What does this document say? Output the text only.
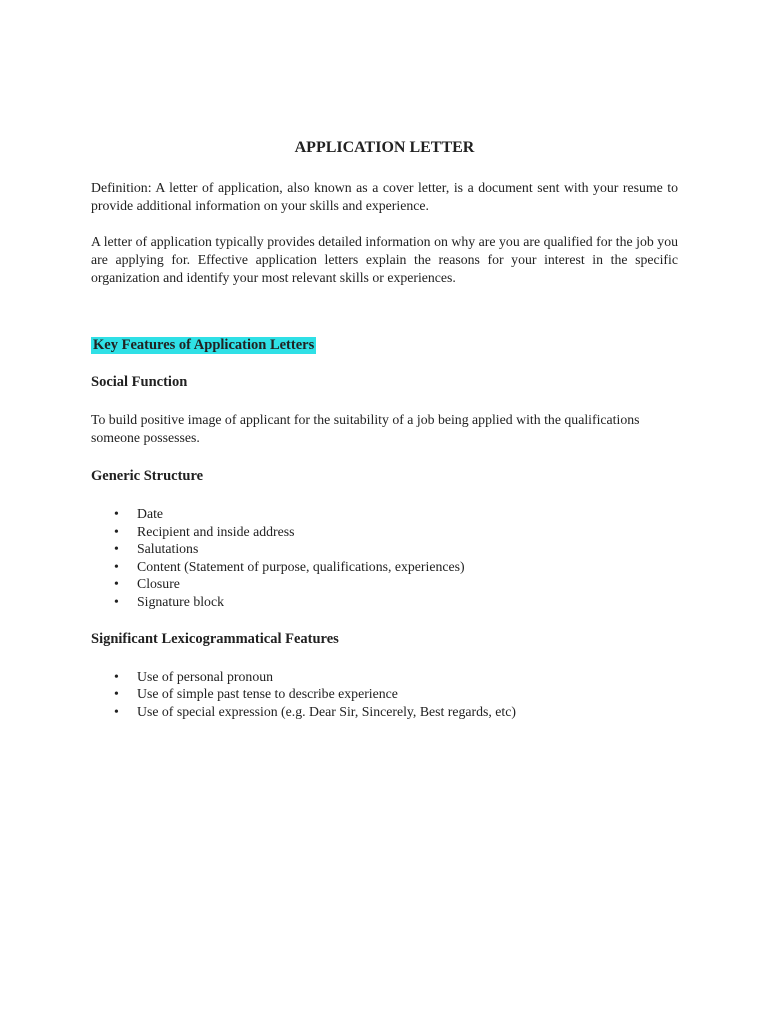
APPLICATION LETTER

Definition: A letter of application, also known as a cover letter, is a document sent with your resume to provide additional information on your skills and experience.

A letter of application typically provides detailed information on why are you are qualified for the job you are applying for. Effective application letters explain the reasons for your interest in the specific organization and identify your most relevant skills or experiences.

Key Features of Application Letters
Social Function

To build positive image of applicant for the suitability of a job being applied with the qualifications someone possesses.

Generic Structure
• Date
• Recipient and inside address
• Salutations
• Content (Statement of purpose, qualifications, experiences)
• Closure
• Signature block
Significant Lexicogrammatical Features
• Use of personal pronoun
• Use of simple past tense to describe experience
• Use of special expression (e.g. Dear Sir, Sincerely, Best regards, etc)
